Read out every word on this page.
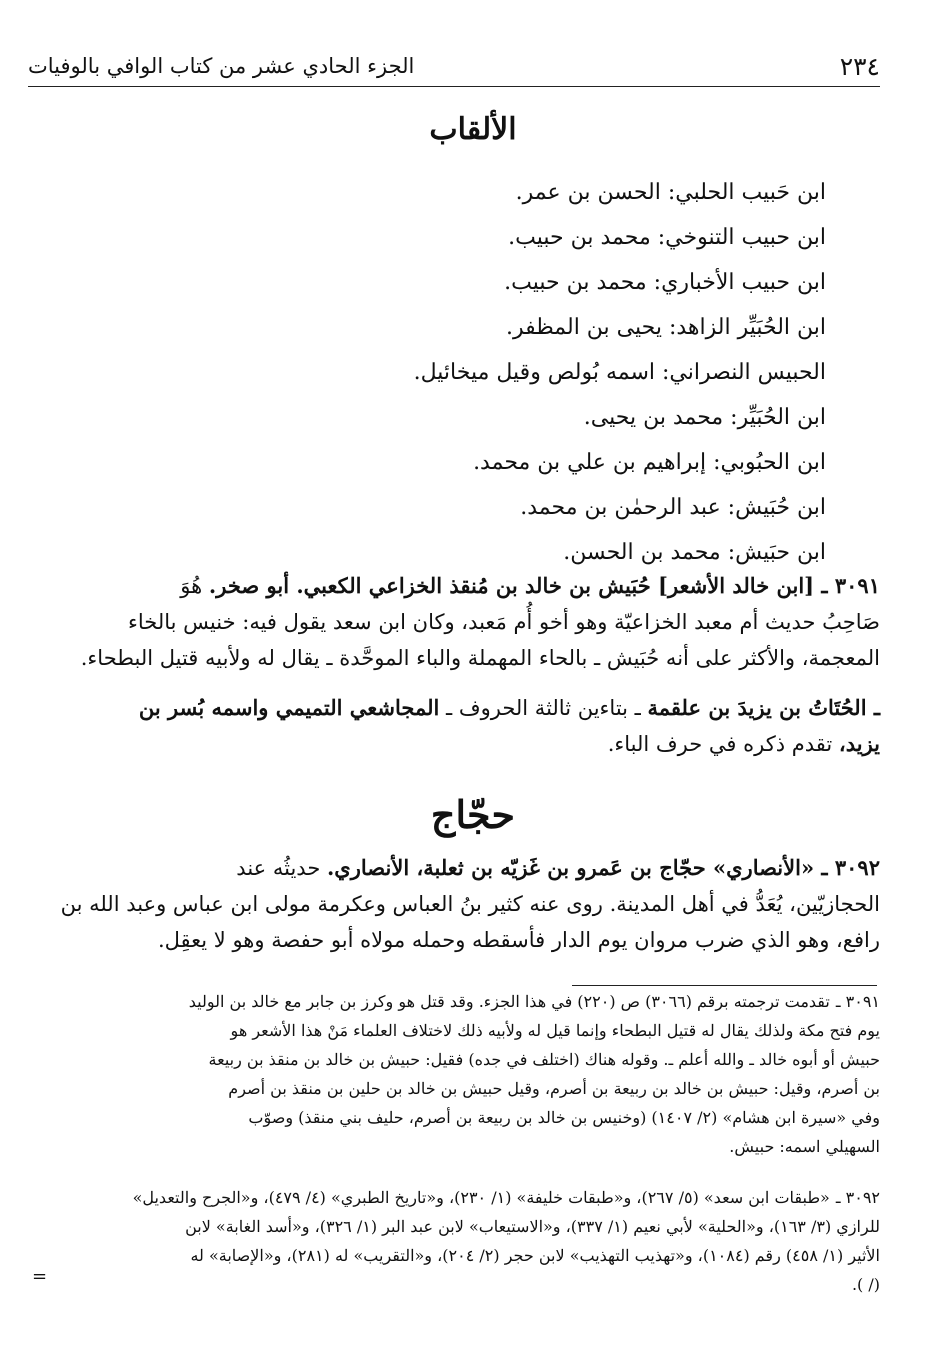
٢٣٤
الجزء الحادي عشر من كتاب الوافي بالوفيات
الألقاب
ابن حَبيب الحلبي: الحسن بن عمر.
ابن حبيب التنوخي: محمد بن حبيب.
ابن حبيب الأخباري: محمد بن حبيب.
ابن الحُبَيِّر الزاهد: يحيى بن المظفر.
الحبيس النصراني: اسمه بُولص وقيل ميخائيل.
ابن الحُبَيِّر: محمد بن يحيى.
ابن الحبُوبي: إبراهيم بن علي بن محمد.
ابن حُبَيش: عبد الرحمٰن بن محمد.
ابن حبَيش: محمد بن الحسن.

٣٠٩١ ـ [ابن خالد الأشعر] حُبَيش بن خالد بن مُنقذ الخزاعي الكعبي. أبو صخر. هُوَ

صَاحِبُ حديث أم معبد الخزاعيّة وهو أخو أُم مَعبد، وكان ابن سعد يقول فيه: خنيس بالخاء

المعجمة، والأكثر على أنه حُبَيش ـ بالحاء المهملة والباء الموحَّدة ـ يقال له ولأبيه قتيل البطحاء.

ـ الحُتَاتُ بن يزيدَ بن علقمة ـ بتاءين ثالثة الحروف ـ المجاشعي التميمي واسمه بُسر بن

يزيد، تقدم ذكره في حرف الباء.

حجّاج

٣٠٩٢ ـ «الأنصاري» حجّاج بن عَمرو بن غَزيّه بن ثعلبة، الأنصاري. حديثُه عند

الحجازيّين، يُعَدُّ في أهل المدينة. روى عنه كثير بنُ العباس وعكرمة مولى ابن عباس وعبد الله بن

رافع، وهو الذي ضرب مروان يوم الدار فأسقطه وحمله مولاه أبو حفصة وهو لا يعقِل.

٣٠٩١ ـتقدمت ترجمته برقم (٣٠٦٦) ص (٢٢٠) في هذا الجزء. وقد قتل هو وكرز بن جابر مع خالد بن الوليد

يوم فتح مكة ولذلك يقال له قتيل البطحاء وإنما قيل له ولأبيه ذلك لاختلاف العلماء مَنْ هذا الأشعر هو

حبيش أو أبوه خالد ـ والله أعلم ـ. وقوله هناك (اختلف في جده) فقيل: حبيش بن خالد بن منقذ بن ربيعة

بن أصرم، وقيل: حبيش بن خالد بن ربيعة بن أصرم، وقيل حبيش بن خالد بن حلين بن منقذ بن أصرم

وفي «سيرة ابن هشام» (٢/ ١٤٠٧) (وخنيس بن خالد بن ربيعة بن أصرم، حليف بني منقذ) وصوّب

السهيلي اسمه: حبيش.

٣٠٩٢ ـ«طبقات ابن سعد» (٥/ ٢٦٧)، و«طبقات خليفة» (١/ ٢٣٠)، و«تاريخ الطبري» (٤/ ٤٧٩)، و«الجرح والتعديل»

للرازي (٣/ ١٦٣)، و«الحلية» لأبي نعيم (١/ ٣٣٧)، و«الاستيعاب» لابن عبد البر (١/ ٣٢٦)، و«أسد الغابة» لابن

الأثير (١/ ٤٥٨) رقم (١٠٨٤)، و«تهذيب التهذيب» لابن حجر (٢/ ٢٠٤)، و«التقريب» له (٢٨١)، و«الإصابة» له

(/ ).

=
